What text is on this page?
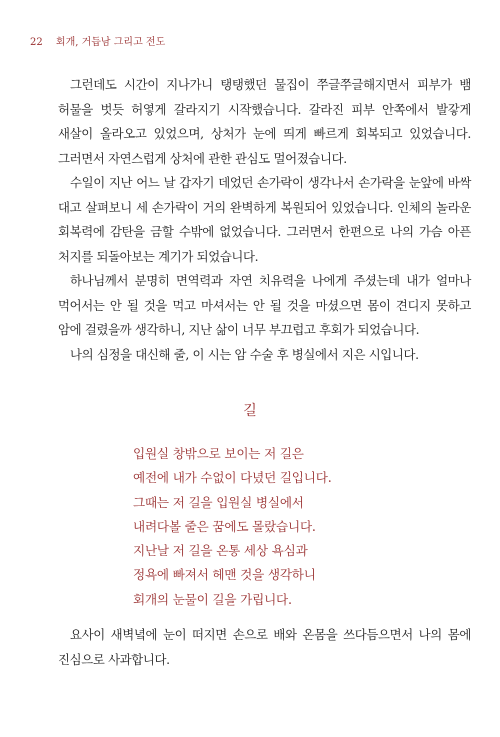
22 회개, 거듭남 그리고 전도

그런데도 시간이 지나가니 탱탱했던 물집이 쭈글쭈글해지면서 피부가 뱀 허물을 벗듯 허옇게 갈라지기 시작했습니다. 갈라진 피부 안쪽에서 발갛게 새살이 올라오고 있었으며, 상처가 눈에 띄게 빠르게 회복되고 있었습니다. 그러면서 자연스럽게 상처에 관한 관심도 멀어졌습니다.

수일이 지난 어느 날 갑자기 데었던 손가락이 생각나서 손가락을 눈앞에 바싹 대고 살펴보니 세 손가락이 거의 완벽하게 복원되어 있었습니다. 인체의 놀라운 회복력에 감탄을 금할 수밖에 없었습니다. 그러면서 한편으로 나의 가슴 아픈 처지를 되돌아보는 계기가 되었습니다.

하나님께서 분명히 면역력과 자연 치유력을 나에게 주셨는데 내가 얼마나 먹어서는 안 될 것을 먹고 마셔서는 안 될 것을 마셨으면 몸이 견디지 못하고 암에 걸렸을까 생각하니, 지난 삶이 너무 부끄럽고 후회가 되었습니다.

나의 심정을 대신해 줄, 이 시는 암 수술 후 병실에서 지은 시입니다.

길
입원실 창밖으로 보이는 저 길은
예전에 내가 수없이 다녔던 길입니다.
그때는 저 길을 입원실 병실에서
내려다볼 줄은 꿈에도 몰랐습니다.
지난날 저 길을 온통 세상 욕심과
정욕에 빠져서 헤맨 것을 생각하니
회개의 눈물이 길을 가립니다.

요사이 새벽녘에 눈이 떠지면 손으로 배와 온몸을 쓰다듬으면서 나의 몸에 진심으로 사과합니다.
